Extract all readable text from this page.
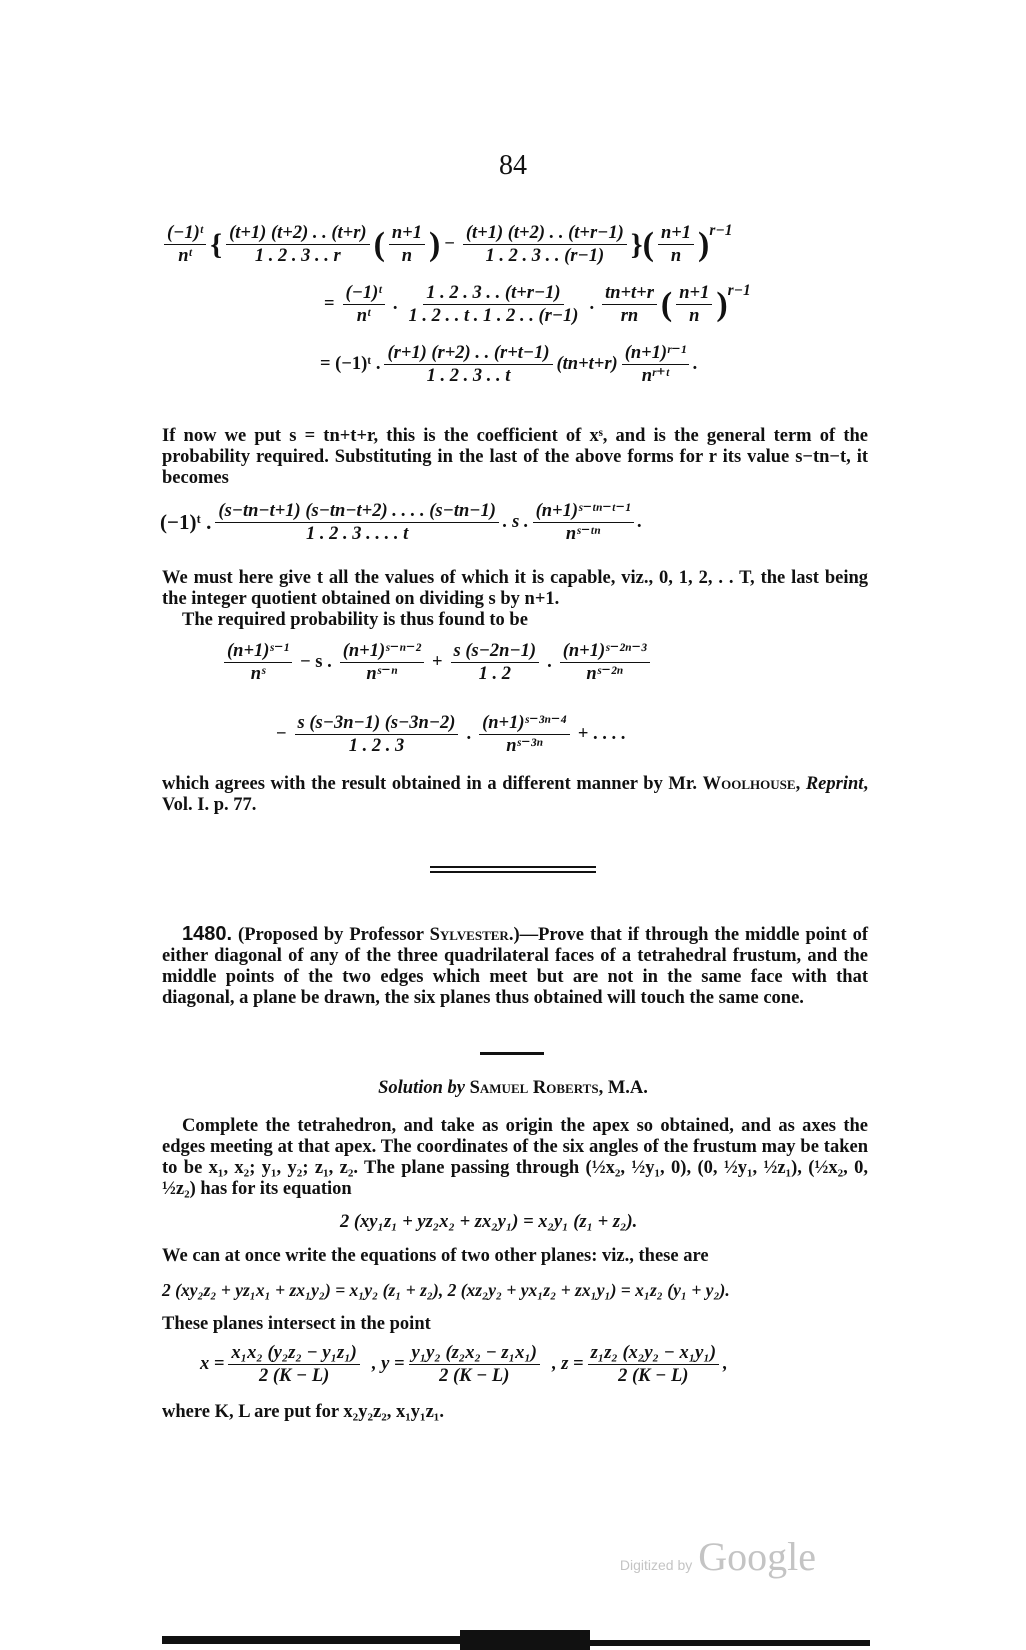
84
$\frac{\text{(−1)ᵗ}}{\text{nᵗ}}$ { $\frac{(t+1) (t+2) . . (t+r)}{1 . 2 . 3 . . r}$ ( $\frac{n+1}{n}$ ) − $\frac{(t+1) (t+2) . . (t+r-1)}{1 . 2 . 3 . . (r-1)}$ } ( $\frac{n+1}{n} )^{r-1}$
= $\frac{\text{(−1)ᵗ}}{\text{nᵗ}}$ . $\frac{1 . 2 . 3 . . (t+r-1)}{1 . 2 . . t . 1 . 2 . . (r-1)}$ . $\frac{tn+t+r}{rn}$ ( $\frac{n+1}{n} )^{r-1}$
= (−1)ᵗ . $\frac{(r+1) (r+2) . . (r+t-1)}{1 . 2 . 3 . . t} (tn+t+r) \frac{\text{(n+1)ʳ⁻¹}}{\text{nʳ⁺ᵗ}}$ .

If now we put s = tn+t+r, this is the coefficient of xˢ, and is the general term of the probability required. Substituting in the last of the above forms for r its value s−tn−t, it becomes

(−1)ᵗ . $\frac{(s-tn-t+1) (s-tn-t+2) . . . . (s-tn-1)}{1 . 2 . 3 . . . . t}$ . s . $\frac{\text{(n+1)ˢ⁻ᵗⁿ⁻ᵗ⁻¹}}{\text{nˢ⁻ᵗⁿ}}$ .

We must here give t all the values of which it is capable, viz., 0, 1, 2, . . T, the last being the integer quotient obtained on dividing s by n+1.

The required probability is thus found to be

$\frac{\text{(n+1)ˢ⁻¹}}{\text{nˢ}} - s$ . $\frac{\text{(n+1)ˢ⁻ⁿ⁻²}}{\text{nˢ⁻ⁿ}} + \frac{s (s-2n-1)}{1 . 2}$ . $\frac{\text{(n+1)ˢ⁻²ⁿ⁻³}}{\text{nˢ⁻²ⁿ}}$
− $\frac{s (s-3n-1) (s-3n-2)}{1 . 2 . 3}$ . $\frac{\text{(n+1)ˢ⁻³ⁿ⁻⁴}}{\text{nˢ⁻³ⁿ}}$ + . . . .

which agrees with the result obtained in a different manner by Mr. Woolhouse, Reprint, Vol. I. p. 77.

1480. (Proposed by Professor Sylvester.)—Prove that if through the middle point of either diagonal of any of the three quadrilateral faces of a tetrahedral frustum, and the middle points of the two edges which meet but are not in the same face with that diagonal, a plane be drawn, the six planes thus obtained will touch the same cone.

Solution by Samuel Roberts, M.A.

Complete the tetrahedron, and take as origin the apex so obtained, and as axes the edges meeting at that apex. The coordinates of the six angles of the frustum may be taken to be x₁, x₂; y₁, y₂; z₁, z₂. The plane passing through (½x₂, ½y₁, 0), (0, ½y₁, ½z₁), (½x₂, 0, ½z₂) has for its equation

2 (xy₁z₁ + yz₂x₂ + zx₂y₁) = x₂y₁ (z₁ + z₂).

We can at once write the equations of two other planes: viz., these are

2 (xy₂z₂ + yz₁x₁ + zx₁y₂) = x₁y₂ (z₁ + z₂), 2 (xz₂y₂ + yx₁z₂ + zx₁y₁) = x₁z₂ (y₁ + y₂).

These planes intersect in the point

$x = \frac{\text{x₁x₂ (y₂z₂ − y₁z₁)}}{2 (K - L)}$ , $y = \frac{\text{y₁y₂ (z₂x₂ − z₁x₁)}}{2 (K - L)}$ , $z = \frac{\text{z₁z₂ (x₂y₂ − x₁y₁)}}{2 (K - L)}$ ,

where K, L are put for x₂y₂z₂, x₁y₁z₁.

Digitized by Google
